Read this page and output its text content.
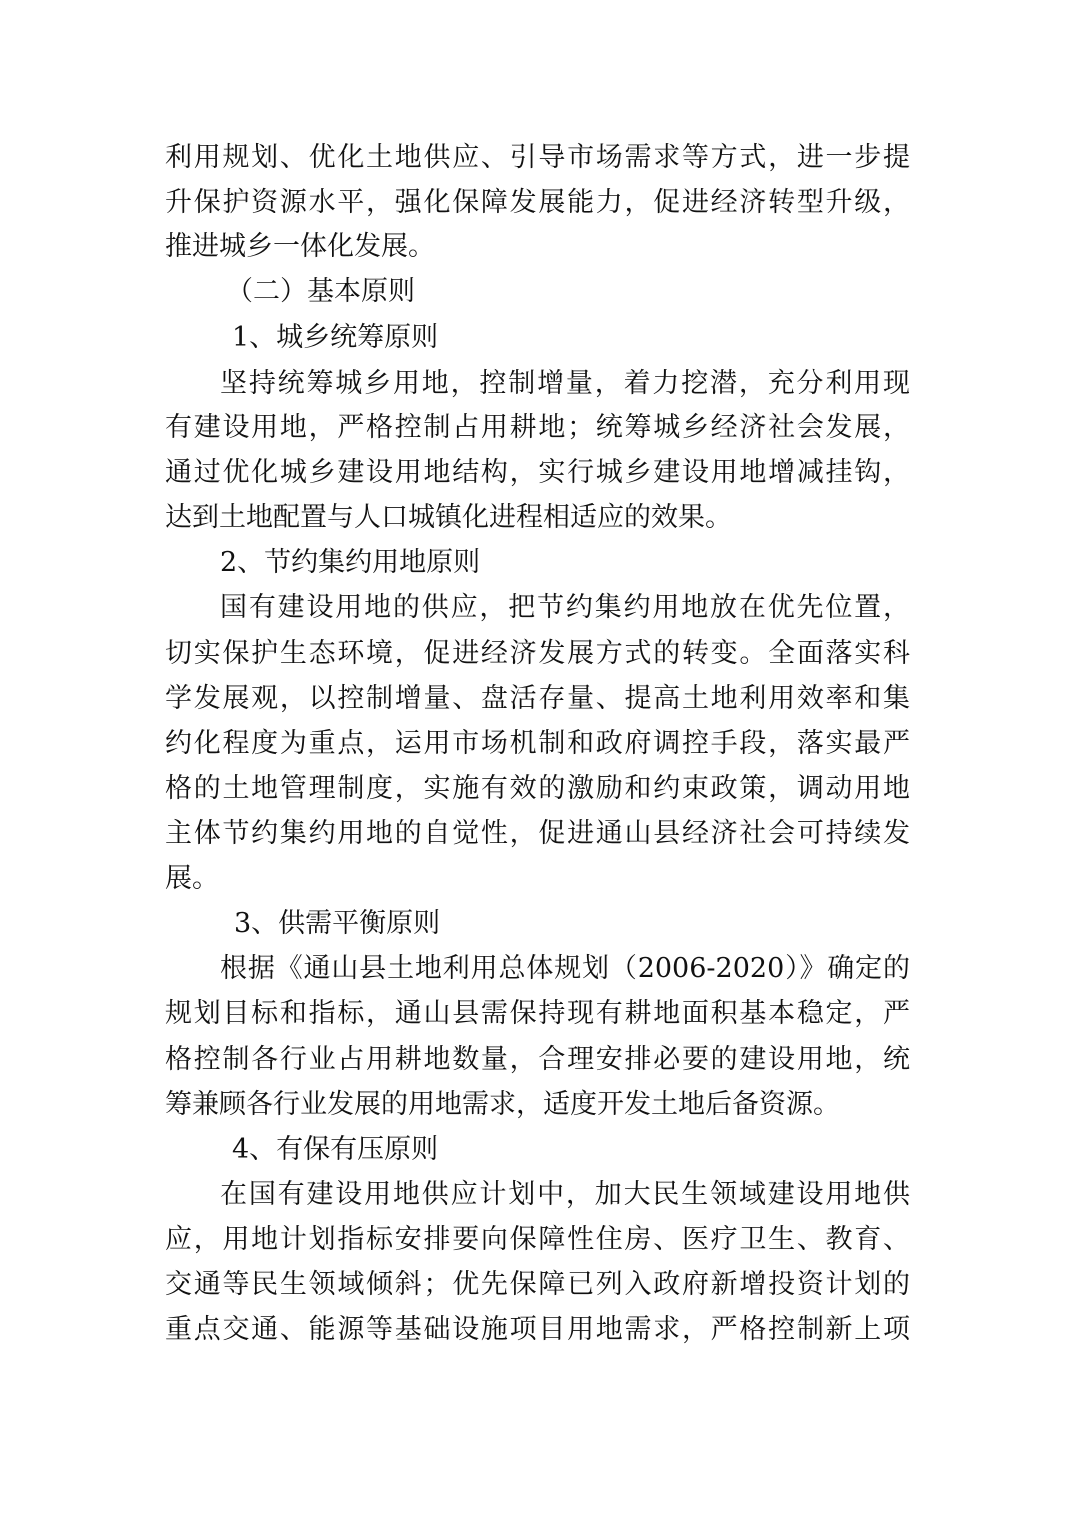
利用规划、优化土地供应、引导市场需求等方式，进一步提
升保护资源水平，强化保障发展能力，促进经济转型升级，
推进城乡一体化发展。
（二）基本原则
1、城乡统筹原则
坚持统筹城乡用地，控制增量，着力挖潜，充分利用现
有建设用地，严格控制占用耕地；统筹城乡经济社会发展，
通过优化城乡建设用地结构，实行城乡建设用地增减挂钩，
达到土地配置与人口城镇化进程相适应的效果。
2、节约集约用地原则
国有建设用地的供应，把节约集约用地放在优先位置，
切实保护生态环境，促进经济发展方式的转变。全面落实科
学发展观，以控制增量、盘活存量、提高土地利用效率和集
约化程度为重点，运用市场机制和政府调控手段，落实最严
格的土地管理制度，实施有效的激励和约束政策，调动用地
主体节约集约用地的自觉性，促进通山县经济社会可持续发
展。
3、供需平衡原则
根据《通山县土地利用总体规划（2006-2020）》确定的
规划目标和指标，通山县需保持现有耕地面积基本稳定，严
格控制各行业占用耕地数量，合理安排必要的建设用地，统
筹兼顾各行业发展的用地需求，适度开发土地后备资源。
4、有保有压原则
在国有建设用地供应计划中，加大民生领域建设用地供
应，用地计划指标安排要向保障性住房、医疗卫生、教育、
交通等民生领域倾斜；优先保障已列入政府新增投资计划的
重点交通、能源等基础设施项目用地需求，严格控制新上项
